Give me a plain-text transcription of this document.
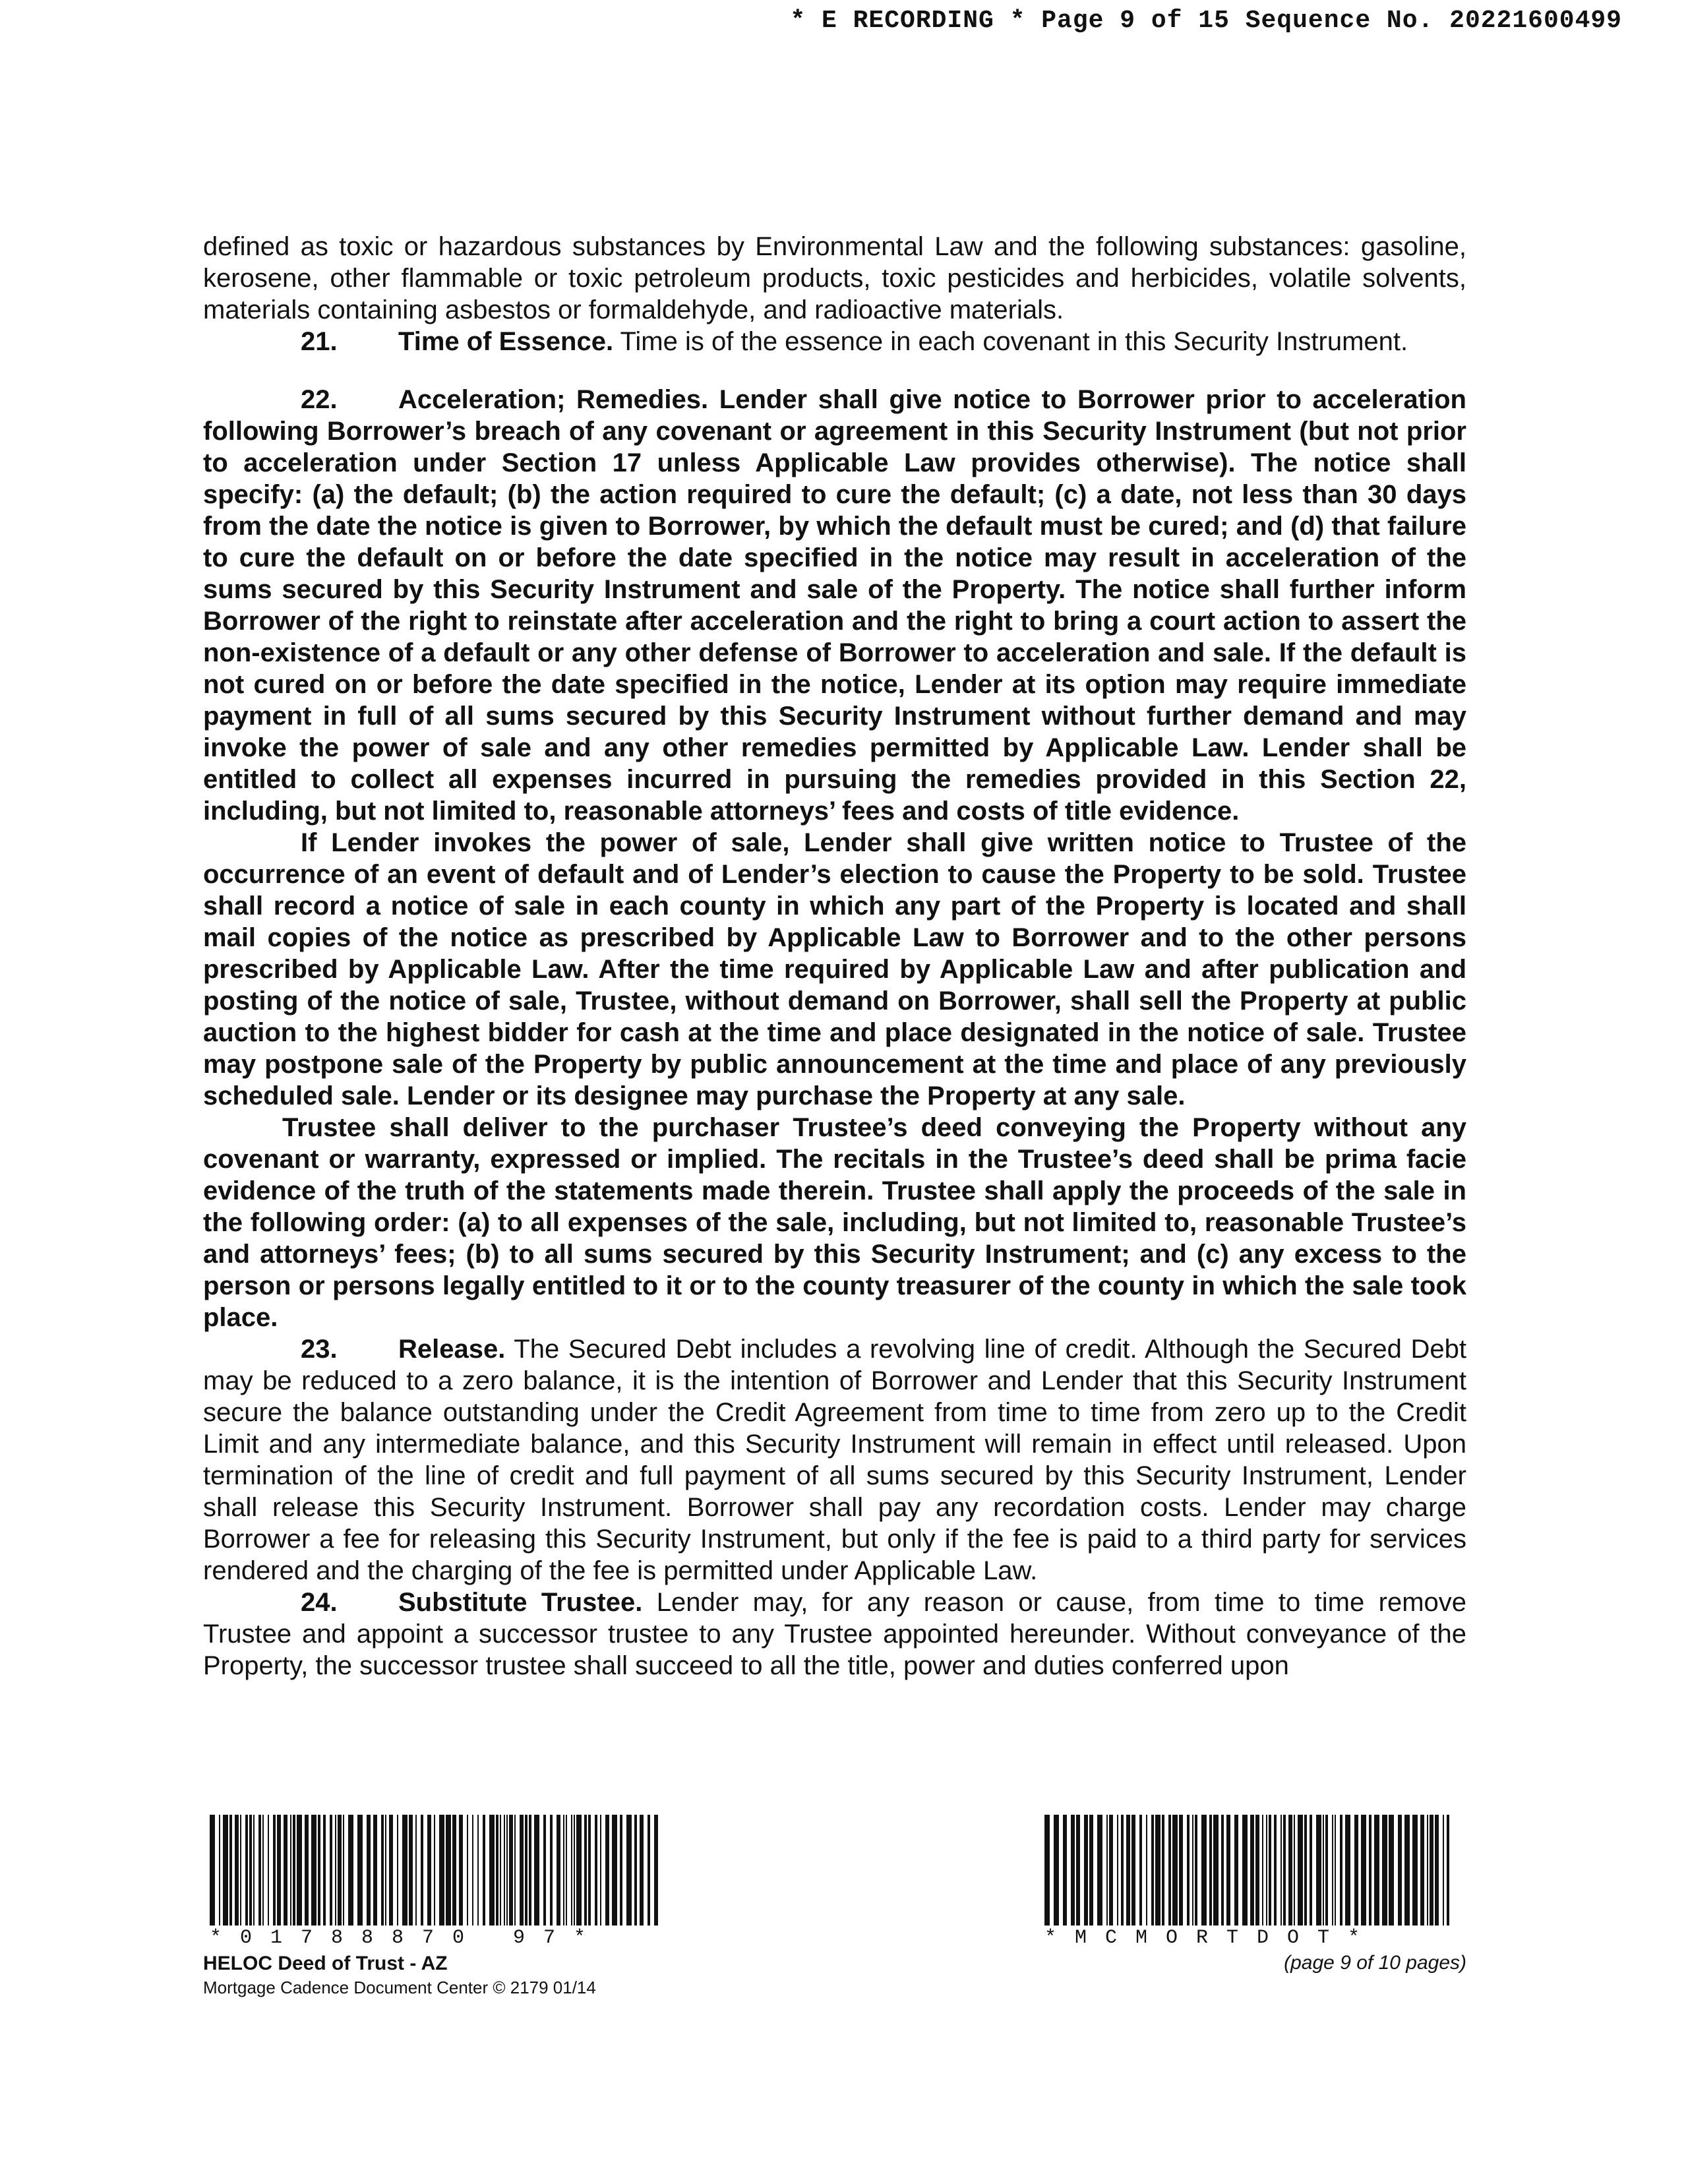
* E RECORDING * Page 9 of 15 Sequence No. 20221600499

defined as toxic or hazardous substances by Environmental Law and the following substances: gasoline, kerosene, other flammable or toxic petroleum products, toxic pesticides and herbicides, volatile solvents, materials containing asbestos or formaldehyde, and radioactive materials.

21. Time of Essence. Time is of the essence in each covenant in this Security Instrument.

22. Acceleration; Remedies. Lender shall give notice to Borrower prior to acceleration following Borrower’s breach of any covenant or agreement in this Security Instrument (but not prior to acceleration under Section 17 unless Applicable Law provides otherwise). The notice shall specify: (a) the default; (b) the action required to cure the default; (c) a date, not less than 30 days from the date the notice is given to Borrower, by which the default must be cured; and (d) that failure to cure the default on or before the date specified in the notice may result in acceleration of the sums secured by this Security Instrument and sale of the Property. The notice shall further inform Borrower of the right to reinstate after acceleration and the right to bring a court action to assert the non-existence of a default or any other defense of Borrower to acceleration and sale. If the default is not cured on or before the date specified in the notice, Lender at its option may require immediate payment in full of all sums secured by this Security Instrument without further demand and may invoke the power of sale and any other remedies permitted by Applicable Law. Lender shall be entitled to collect all expenses incurred in pursuing the remedies provided in this Section 22, including, but not limited to, reasonable attorneys’ fees and costs of title evidence.

If Lender invokes the power of sale, Lender shall give written notice to Trustee of the occurrence of an event of default and of Lender’s election to cause the Property to be sold. Trustee shall record a notice of sale in each county in which any part of the Property is located and shall mail copies of the notice as prescribed by Applicable Law to Borrower and to the other persons prescribed by Applicable Law. After the time required by Applicable Law and after publication and posting of the notice of sale, Trustee, without demand on Borrower, shall sell the Property at public auction to the highest bidder for cash at the time and place designated in the notice of sale. Trustee may postpone sale of the Property by public announcement at the time and place of any previously scheduled sale. Lender or its designee may purchase the Property at any sale.

Trustee shall deliver to the purchaser Trustee’s deed conveying the Property without any covenant or warranty, expressed or implied. The recitals in the Trustee’s deed shall be prima facie evidence of the truth of the statements made therein. Trustee shall apply the proceeds of the sale in the following order: (a) to all expenses of the sale, including, but not limited to, reasonable Trustee’s and attorneys’ fees; (b) to all sums secured by this Security Instrument; and (c) any excess to the person or persons legally entitled to it or to the county treasurer of the county in which the sale took place.

23. Release. The Secured Debt includes a revolving line of credit. Although the Secured Debt may be reduced to a zero balance, it is the intention of Borrower and Lender that this Security Instrument secure the balance outstanding under the Credit Agreement from time to time from zero up to the Credit Limit and any intermediate balance, and this Security Instrument will remain in effect until released. Upon termination of the line of credit and full payment of all sums secured by this Security Instrument, Lender shall release this Security Instrument. Borrower shall pay any recordation costs. Lender may charge Borrower a fee for releasing this Security Instrument, but only if the fee is paid to a third party for services rendered and the charging of the fee is permitted under Applicable Law.

24. Substitute Trustee. Lender may, for any reason or cause, from time to time remove Trustee and appoint a successor trustee to any Trustee appointed hereunder. Without conveyance of the Property, the successor trustee shall succeed to all the title, power and duties conferred upon

*01788870 97*	*MCMORTDOT*
HELOC Deed of Trust - AZ
Mortgage Cadence Document Center © 2179 01/14
(page 9 of 10 pages)
